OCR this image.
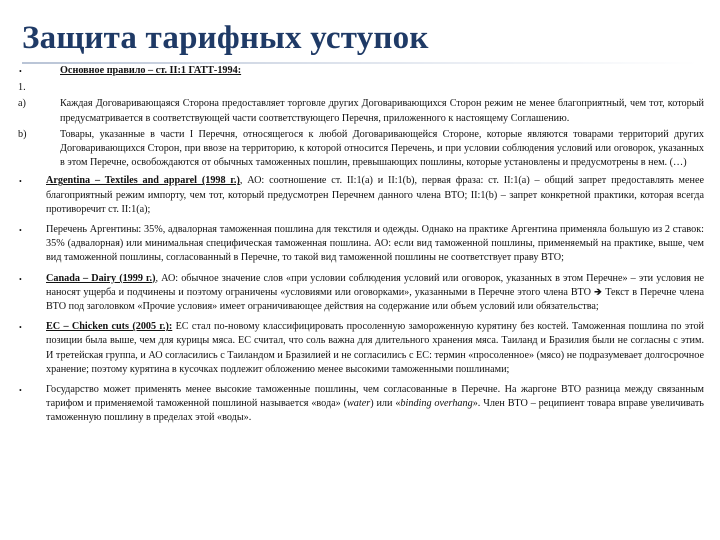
Защита тарифных уступок
•	Основное правило – ст. II:1 ГАТТ-1994:
1.
a)	Каждая Договаривающаяся Сторона предоставляет торговле других Договаривающихся Сторон режим не менее благоприятный, чем тот, который предусматривается в соответствующей части соответствующего Перечня, приложенного к настоящему Соглашению.
b)	Товары, указанные в части I Перечня, относящегося к любой Договаривающейся Стороне, которые являются товарами территорий других Договаривающихся Сторон, при ввозе на территорию, к которой относится Перечень, и при условии соблюдения условий или оговорок, указанных в этом Перечне, освобождаются от обычных таможенных пошлин, превышающих пошлины, которые установлены и предусмотрены в нем. (…)
•	Argentina – Textiles and apparel (1998 г.), АО: соотношение ст. II:1(a) и II:1(b), первая фраза: ст. II:1(a) – общий запрет предоставлять менее благоприятный режим импорту, чем тот, который предусмотрен Перечнем данного члена ВТО; II:1(b) – запрет конкретной практики, которая всегда противоречит ст. II:1(a);
•	Перечень Аргентины: 35%, адвалорная таможенная пошлина для текстиля и одежды. Однако на практике Аргентина применяла большую из 2 ставок: 35% (адвалорная) или минимальная специфическая таможенная пошлина. АО: если вид таможенной пошлины, применяемый на практике, выше, чем вид таможенной пошлины, согласованный в Перечне, то такой вид таможенной пошлины не соответствует праву ВТО;
•	Canada – Dairy (1999 г.), АО: обычное значение слов «при условии соблюдения условий или оговорок, указанных в этом Перечне» – эти условия не наносят ущерба и подчинены и поэтому ограничены «условиями или оговорками», указанными в Перечне этого члена ВТО 🡺 Текст в Перечне члена ВТО под заголовком «Прочие условия» имеет ограничивающее действия на содержание или объем условий или обязательства;
•	EC – Chicken cuts (2005 г.): ЕС стал по-новому классифицировать просоленную замороженную курятину без костей. Таможенная пошлина по этой позиции была выше, чем для курицы мяса. ЕС считал, что соль важна для длительного хранения мяса. Таиланд и Бразилия были не согласны с этим. И третейская группа, и АО согласились с Таиландом и Бразилией и не согласились с ЕС: термин «просоленное» (мясо) не подразумевает долгосрочное хранение; поэтому курятина в кусочках подлежит обложению менее высокими таможенными пошлинами;
•	Государство может применять менее высокие таможенные пошлины, чем согласованные в Перечне. На жаргоне ВТО разница между связанным тарифом и применяемой таможенной пошлиной называется «вода» (water) или «binding overhang». Член ВТО – реципиент товара вправе увеличивать таможенную пошлину в пределах этой «воды».
